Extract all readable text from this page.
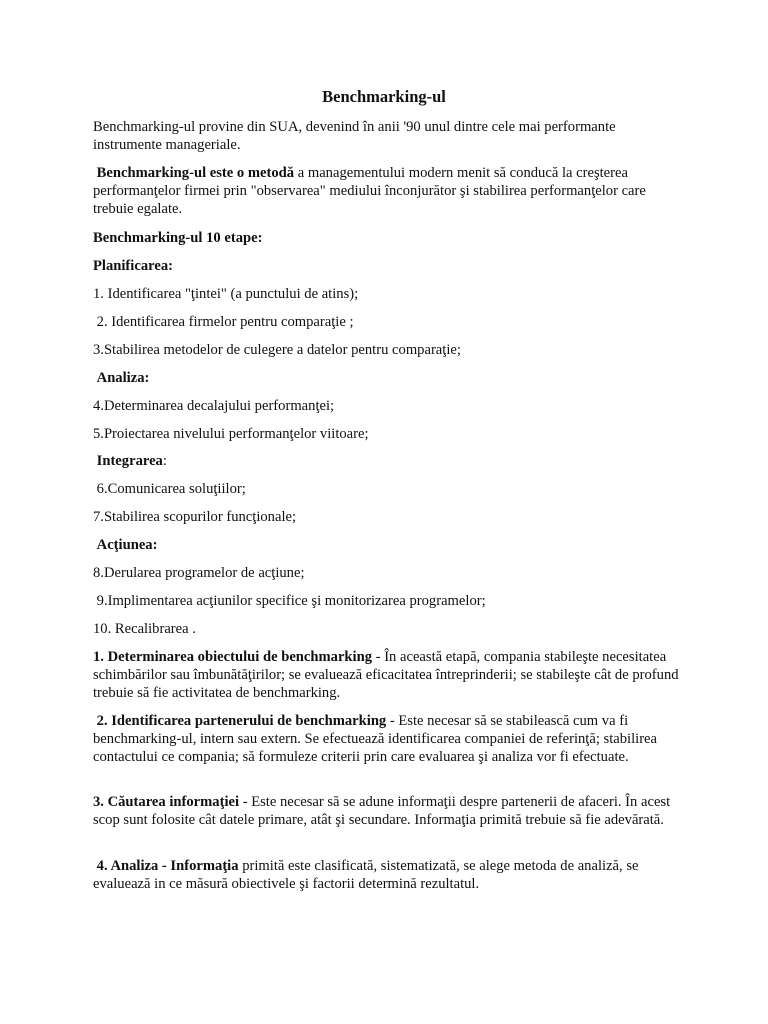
Benchmarking-ul

Benchmarking-ul provine din SUA, devenind în anii '90 unul dintre cele mai performante instrumente manageriale.

Benchmarking-ul este o metodă a managementului modern menit să conducă la creşterea performanţelor firmei prin "observarea" mediului înconjurător şi stabilirea performanţelor care trebuie egalate.

Benchmarking-ul 10 etape:

Planificarea:

1. Identificarea "ţintei" (a punctului de atins);

2. Identificarea firmelor pentru comparaţie ;

3.Stabilirea metodelor de culegere a datelor pentru comparaţie;

Analiza:

4.Determinarea decalajului performanţei;

5.Proiectarea nivelului performanţelor viitoare;

Integrarea:

6.Comunicarea soluţiilor;

7.Stabilirea scopurilor funcţionale;

Acţiunea:

8.Derularea programelor de acţiune;

9.Implimentarea acţiunilor specifice şi monitorizarea programelor;

10. Recalibrarea .

1. Determinarea obiectului de benchmarking - În această etapă, compania stabileşte necesitatea schimbărilor sau îmbunătăţirilor; se evaluează eficacitatea întreprinderii; se stabileşte cât de profund trebuie să fie activitatea de benchmarking.

2. Identificarea partenerului de benchmarking - Este necesar să se stabilească cum va fi benchmarking-ul, intern sau extern. Se efectuează identificarea companiei de referinţă; stabilirea contactului ce compania; să formuleze criterii prin care evaluarea şi analiza vor fi efectuate.

3. Căutarea informaţiei - Este necesar să se adune informaţii despre partenerii de afaceri. În acest scop sunt folosite cât datele primare, atât şi secundare. Informaţia primită trebuie să fie adevărată.

4. Analiza - Informaţia primită este clasificată, sistematizată, se alege metoda de analiză, se evaluează in ce măsură obiectivele şi factorii determină rezultatul.
